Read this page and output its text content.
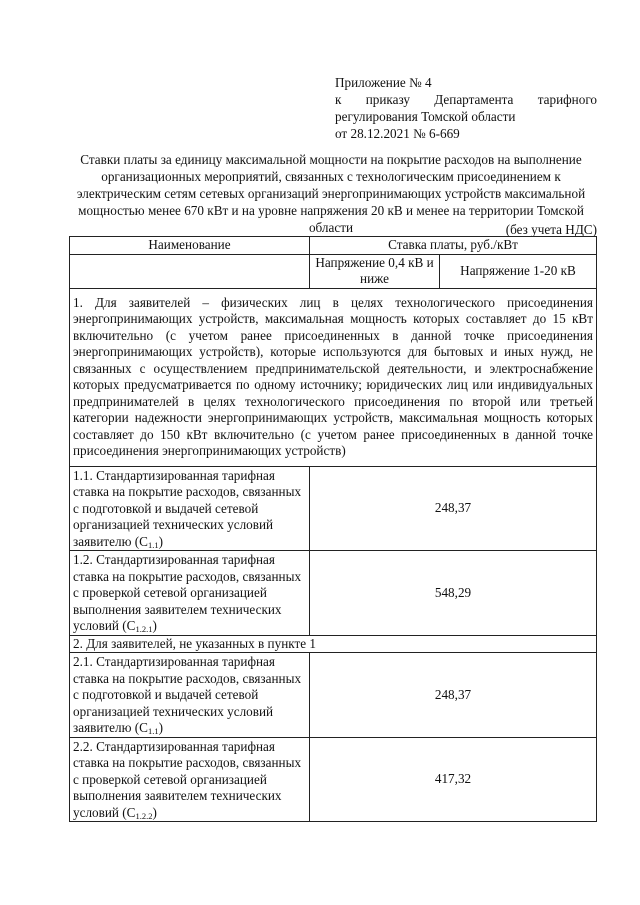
Приложение № 4
к приказу Департамента тарифного
регулирования Томской области
от 28.12.2021 № 6-669
Ставки платы за единицу максимальной мощности на покрытие расходов на выполнение организационных мероприятий, связанных с технологическим присоединением к электрическим сетям сетевых организаций энергопринимающих устройств максимальной мощностью менее 670 кВт и на уровне напряжения 20 кВ и менее на территории Томской области	(без учета НДС)
Наименование	Ставка платы, руб./кВт	
	Напряжение 0,4 кВ и ниже	Напряжение 1-20 кВ
1. Для заявителей – физических лиц в целях технологического присоединения энергопринимающих устройств, максимальная мощность которых составляет до 15 кВт включительно (с учетом ранее присоединенных в данной точке присоединения энергопринимающих устройств), которые используются для бытовых и иных нужд, не связанных с осуществлением предпринимательской деятельности, и электроснабжение которых предусматривается по одному источнику; юридических лиц или индивидуальных предпринимателей в целях технологического присоединения по второй или третьей категории надежности энергопринимающих устройств, максимальная мощность которых составляет до 150 кВт включительно (с учетом ранее присоединенных в данной точке присоединения энергопринимающих устройств)		
1.1. Стандартизированная тарифная ставка на покрытие расходов, связанных с подготовкой и выдачей сетевой организацией технических условий заявителю $(C_{1.1})$	248,37	
1.2. Стандартизированная тарифная ставка на покрытие расходов, связанных с проверкой сетевой организацией выполнения заявителем технических условий $(C_{1.2.1})$	548,29	
2. Для заявителей, не указанных в пункте 1		
2.1. Стандартизированная тарифная ставка на покрытие расходов, связанных с подготовкой и выдачей сетевой организацией технических условий заявителю $(C_{1.1})$	248,37	
2.2. Стандартизированная тарифная ставка на покрытие расходов, связанных с проверкой сетевой организацией выполнения заявителем технических условий $(C_{1.2.2})$	417,32	
